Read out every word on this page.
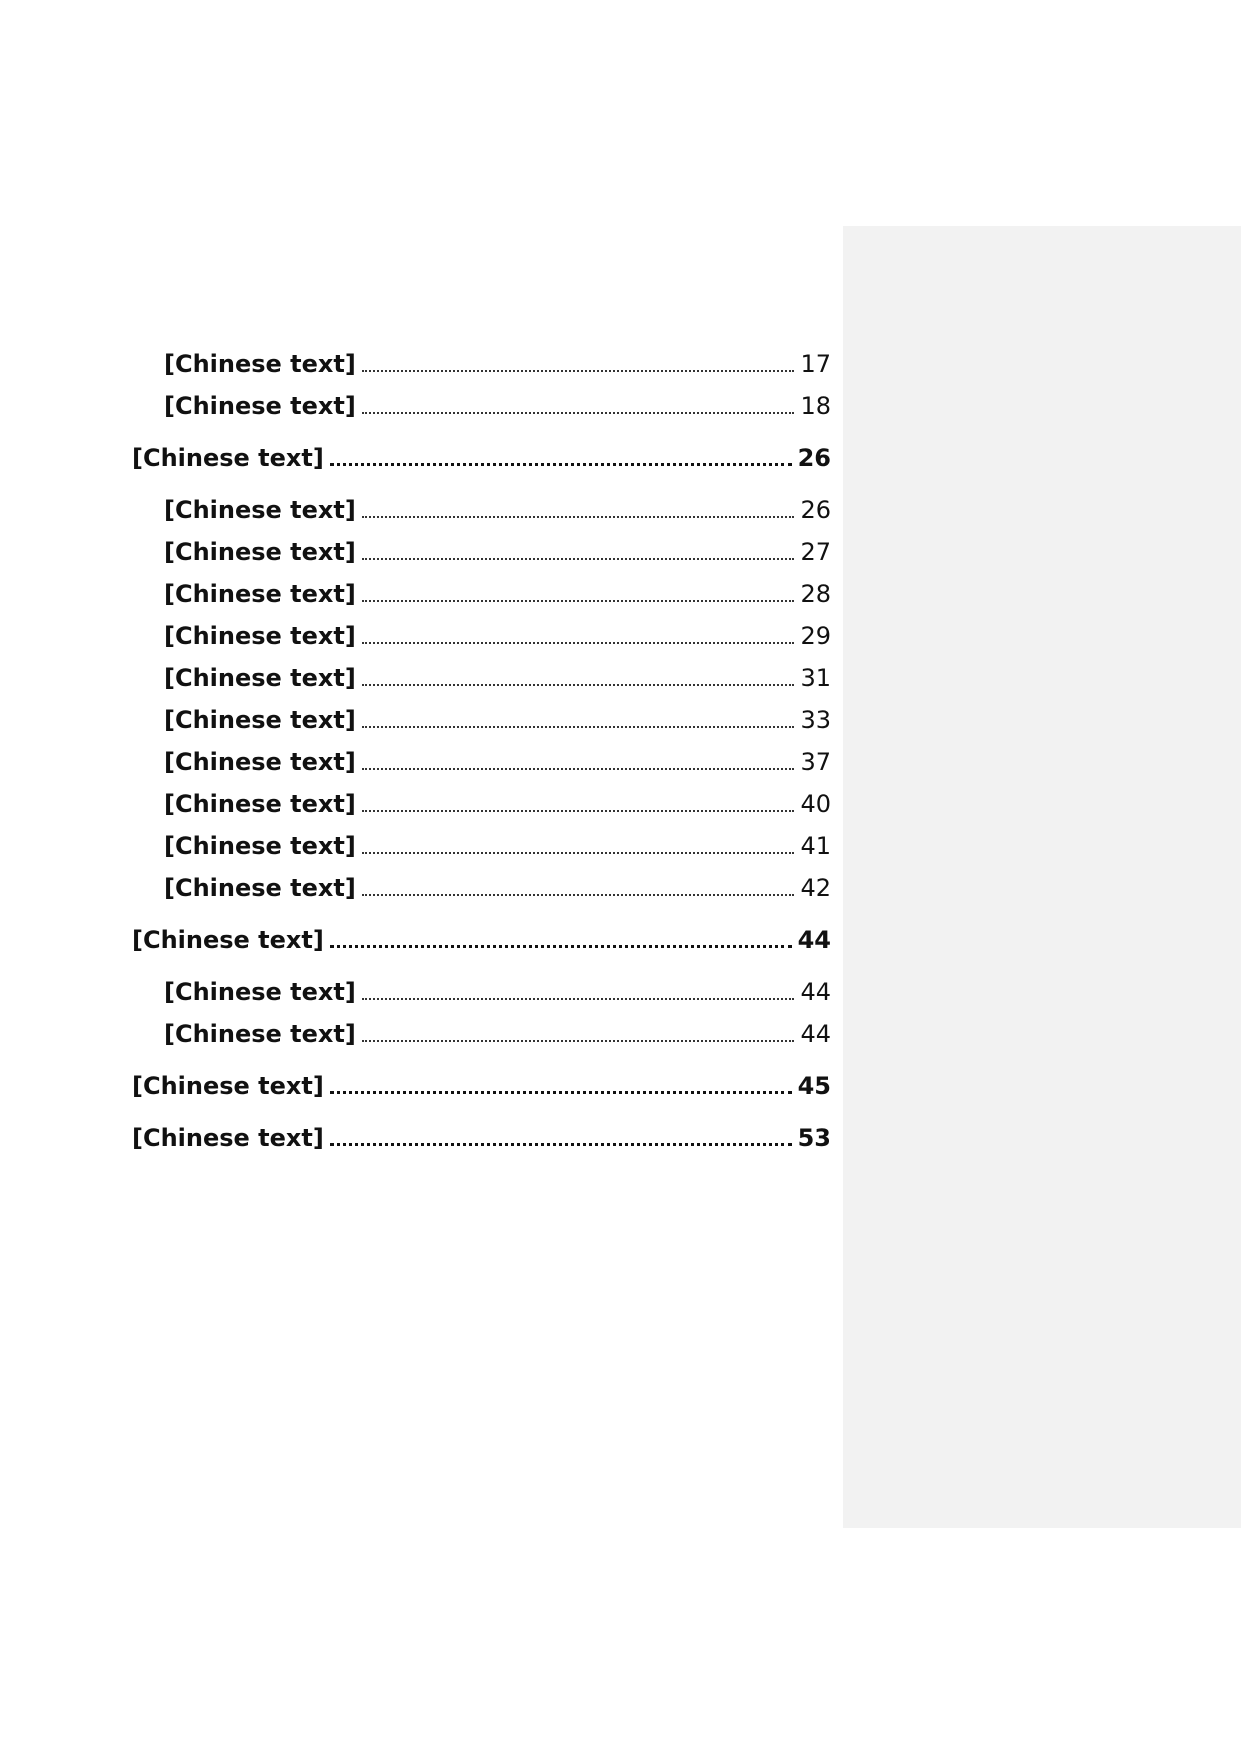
[Chinese text]	17
[Chinese text]	18
[Chinese text]	26
[Chinese text]	26
[Chinese text]	27
[Chinese text]	28
[Chinese text]	29
[Chinese text]	31
[Chinese text]	33
[Chinese text]	37
[Chinese text]	40
[Chinese text]	41
[Chinese text]	42
[Chinese text]	44
[Chinese text]	44
[Chinese text]	44
[Chinese text]	45
[Chinese text]	53
